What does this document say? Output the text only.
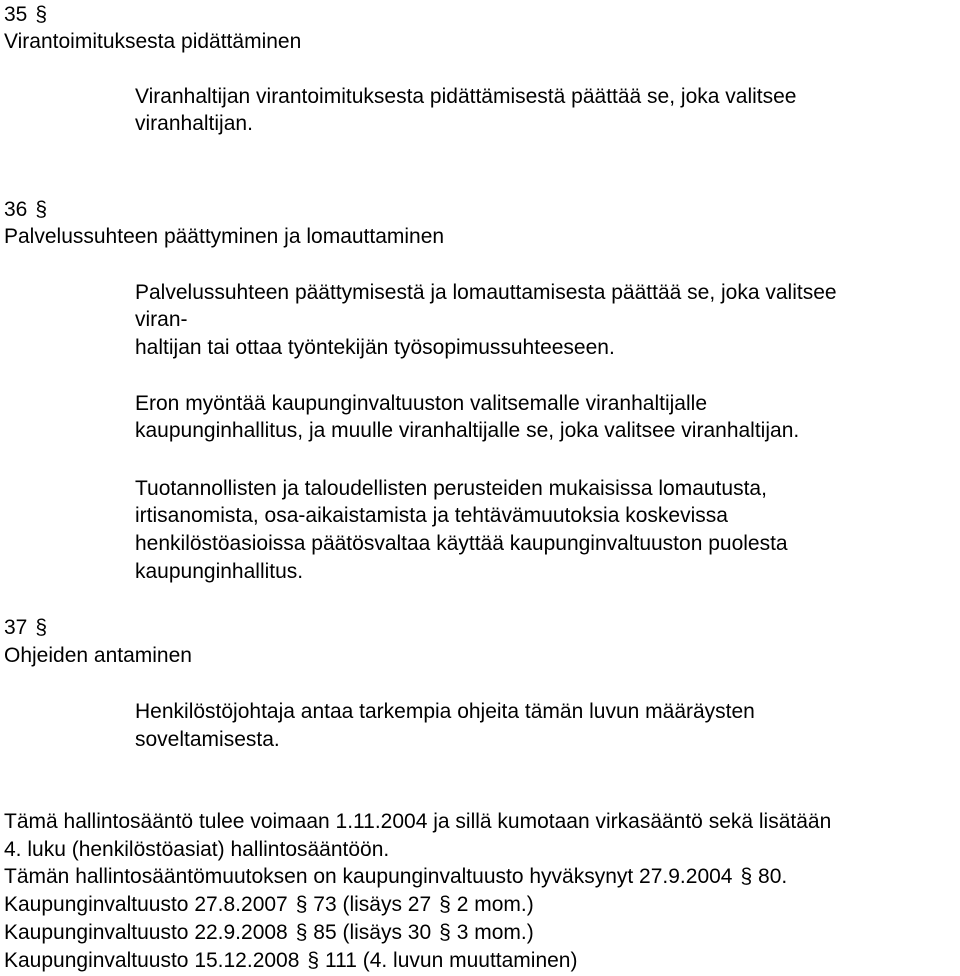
35 §
Virantoimituksesta pidättäminen
Viranhaltijan virantoimituksesta pidättämisestä päättää se, joka valitsee
viranhaltijan.
36 §
Palvelussuhteen päättyminen ja lomauttaminen
Palvelussuhteen päättymisestä ja lomauttamisesta päättää se, joka valitsee
viran-
haltijan tai ottaa työntekijän työsopimussuhteeseen.
Eron myöntää kaupunginvaltuuston valitsemalle viranhaltijalle
kaupunginhallitus, ja muulle viranhaltijalle se, joka valitsee viranhaltijan.
Tuotannollisten ja taloudellisten perusteiden mukaisissa lomautusta,
irtisanomista, osa-aikaistamista ja tehtävämuutoksia koskevissa
henkilöstöasioissa päätösvaltaa käyttää kaupunginvaltuuston puolesta
kaupunginhallitus.
37 §
Ohjeiden antaminen
Henkilöstöjohtaja antaa tarkempia ohjeita tämän luvun määräysten
soveltamisesta.
Tämä hallintosääntö tulee voimaan 1.11.2004 ja sillä kumotaan virkasääntö sekä lisätään
4. luku (henkilöstöasiat) hallintosääntöön.
Tämän hallintosääntömuutoksen on kaupunginvaltuusto hyväksynyt 27.9.2004 § 80.
Kaupunginvaltuusto 27.8.2007 § 73 (lisäys 27 § 2 mom.)
Kaupunginvaltuusto 22.9.2008 § 85 (lisäys 30 § 3 mom.)
Kaupunginvaltuusto 15.12.2008 § 111 (4. luvun muuttaminen)
